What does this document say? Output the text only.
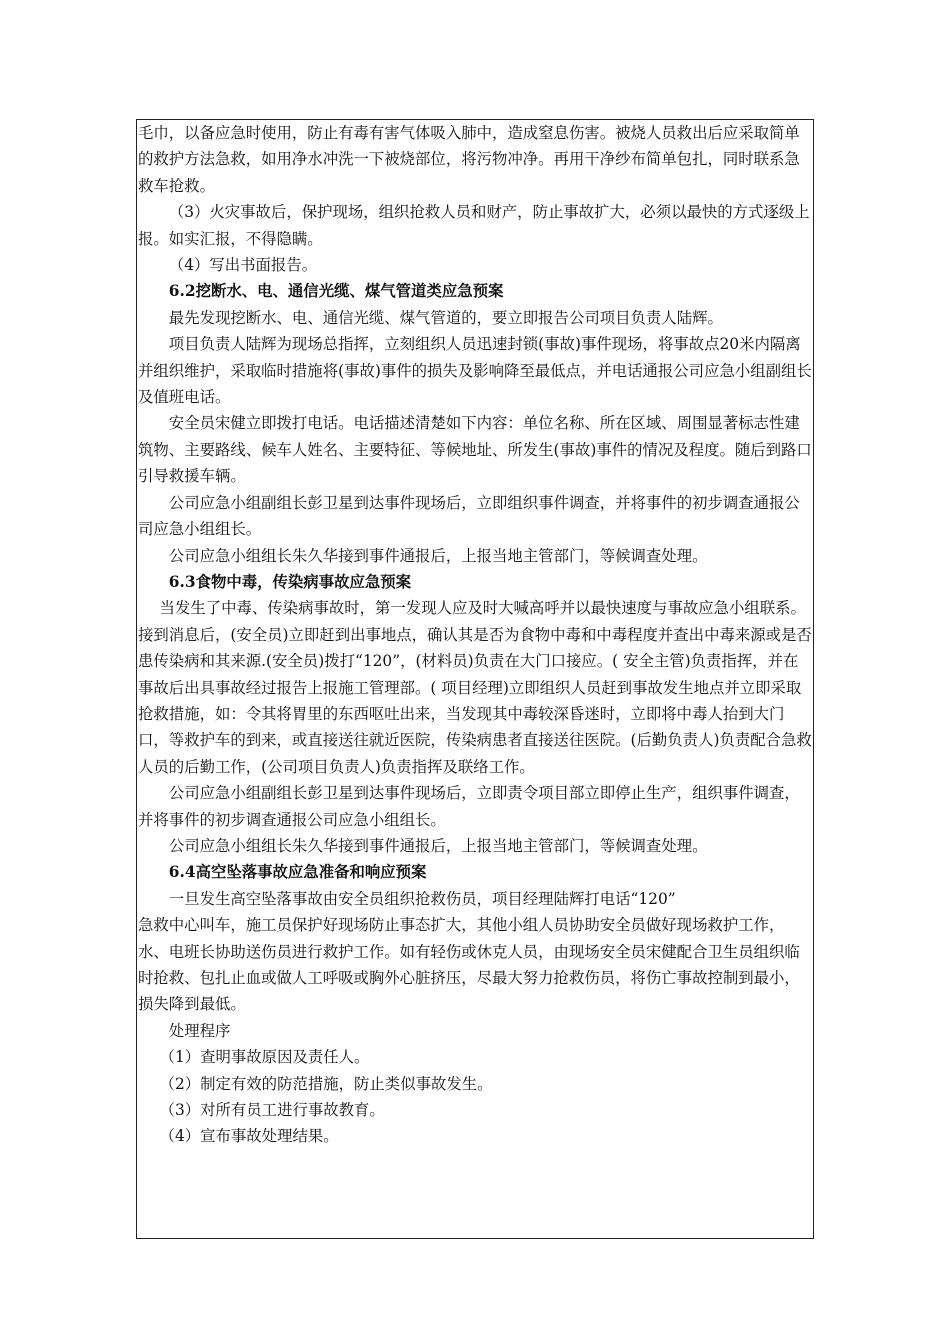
毛巾，以备应急时使用，防止有毒有害气体吸入肺中，造成窒息伤害。被烧人员救出后应采取简单的救护方法急救，如用净水冲洗一下被烧部位，将污物冲净。再用干净纱布简单包扎，同时联系急救车抢救。

（3）火灾事故后，保护现场，组织抢救人员和财产，防止事故扩大，必须以最快的方式逐级上报。如实汇报，不得隐瞒。

（4）写出书面报告。

6.2挖断水、电、通信光缆、煤气管道类应急预案

最先发现挖断水、电、通信光缆、煤气管道的，要立即报告公司项目负责人陆辉。

项目负责人陆辉为现场总指挥，立刻组织人员迅速封锁(事故)事件现场，将事故点20米内隔离并组织维护，采取临时措施将(事故)事件的损失及影响降至最低点，并电话通报公司应急小组副组长及值班电话。

安全员宋健立即拨打电话。电话描述清楚如下内容：单位名称、所在区域、周围显著标志性建筑物、主要路线、候车人姓名、主要特征、等候地址、所发生(事故)事件的情况及程度。随后到路口引导救援车辆。

公司应急小组副组长彭卫星到达事件现场后，立即组织事件调查，并将事件的初步调查通报公司应急小组组长。

公司应急小组组长朱久华接到事件通报后，上报当地主管部门，等候调查处理。

6.3食物中毒，传染病事故应急预案

当发生了中毒、传染病事故时，第一发现人应及时大喊高呼并以最快速度与事故应急小组联系。接到消息后，(安全员)立即赶到出事地点，确认其是否为食物中毒和中毒程度并查出中毒来源或是否患传染病和其来源.(安全员)拨打“120”，(材料员)负责在大门口接应。( 安全主管)负责指挥，并在事故后出具事故经过报告上报施工管理部。( 项目经理)立即组织人员赶到事故发生地点并立即采取抢救措施，如：令其将胃里的东西呕吐出来，当发现其中毒较深昏迷时，立即将中毒人抬到大门口，等救护车的到来，或直接送往就近医院，传染病患者直接送往医院。(后勤负责人)负责配合急救人员的后勤工作，(公司项目负责人)负责指挥及联络工作。

公司应急小组副组长彭卫星到达事件现场后，立即责令项目部立即停止生产，组织事件调查，并将事件的初步调查通报公司应急小组组长。

公司应急小组组长朱久华接到事件通报后，上报当地主管部门，等候调查处理。

6.4高空坠落事故应急准备和响应预案

一旦发生高空坠落事故由安全员组织抢救伤员，项目经理陆辉打电话“120”

急救中心叫车，施工员保护好现场防止事态扩大，其他小组人员协助安全员做好现场救护工作，水、电班长协助送伤员进行救护工作。如有轻伤或休克人员，由现场安全员宋健配合卫生员组织临时抢救、包扎止血或做人工呼吸或胸外心脏挤压，尽最大努力抢救伤员，将伤亡事故控制到最小，损失降到最低。

处理程序

（1）查明事故原因及责任人。

（2）制定有效的防范措施，防止类似事故发生。

（3）对所有员工进行事故教育。

（4）宣布事故处理结果。
